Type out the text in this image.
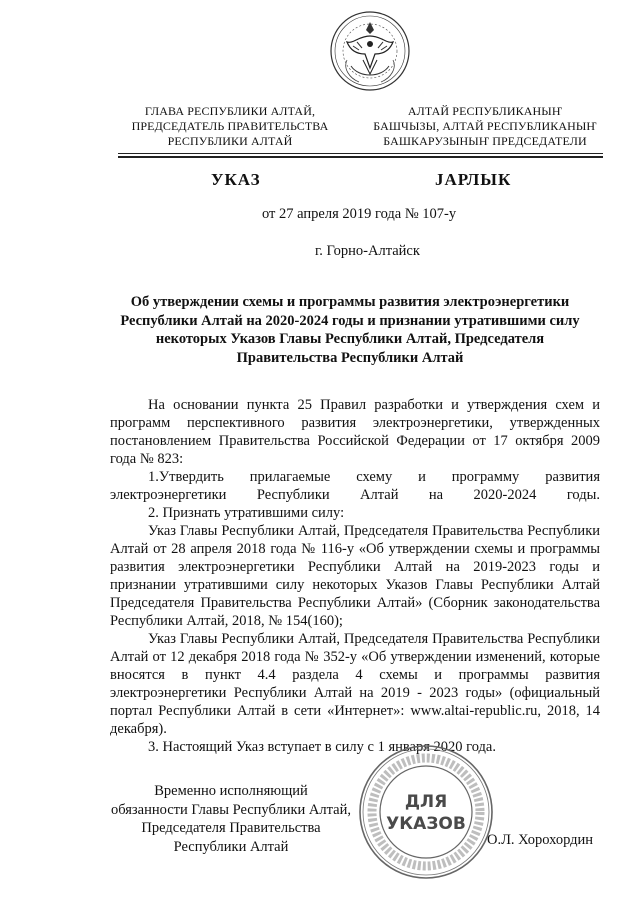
ГЛАВА РЕСПУБЛИКИ АЛТАЙ,
ПРЕДСЕДАТЕЛЬ ПРАВИТЕЛЬСТВА
РЕСПУБЛИКИ АЛТАЙ
АЛТАЙ РЕСПУБЛИКАНЫҤ
БАШЧЫЗЫ, АЛТАЙ РЕСПУБЛИКАНЫҤ
БАШКАРУЗЫНЫҤ ПРЕДСЕДАТЕЛИ
УКАЗ	JАРЛЫК
от 27 апреля 2019 года № 107-у
г. Горно-Алтайск
Об утверждении схемы и программы развития электроэнергетики
Республики Алтай на 2020-2024 годы и признании утратившими силу
некоторых Указов Главы Республики Алтай, Председателя
Правительства Республики Алтай

На основании пункта 25 Правил разработки и утверждения схем и программ перспективного развития электроэнергетики, утвержденных постановлением Правительства Российской Федерации от 17 октября 2009 года № 823:

1.Утвердить прилагаемые схему и программу развития электроэнергетики Республики Алтай на 2020-2024 годы.

2. Признать утратившими силу:

Указ Главы Республики Алтай, Председателя Правительства Республики Алтай от 28 апреля 2018 года № 116-у «Об утверждении схемы и программы развития электроэнергетики Республики Алтай на 2019-2023 годы и признании утратившими силу некоторых Указов Главы Республики Алтай Председателя Правительства Республики Алтай» (Сборник законодательства Республики Алтай, 2018, № 154(160);

Указ Главы Республики Алтай, Председателя Правительства Республики Алтай от 12 декабря 2018 года № 352-у «Об утверждении изменений, которые вносятся в пункт 4.4 раздела 4 схемы и программы развития электроэнергетики Республики Алтай на 2019 - 2023 годы» (официальный портал Республики Алтай в сети «Интернет»: www.altai-republic.ru, 2018, 14 декабря).

3. Настоящий Указ вступает в силу с 1 января 2020 года.

Временно исполняющий
обязанности Главы Республики Алтай,
Председателя Правительства
Республики Алтай
ДЛЯ
УКАЗОВ
О.Л. Хорохордин
